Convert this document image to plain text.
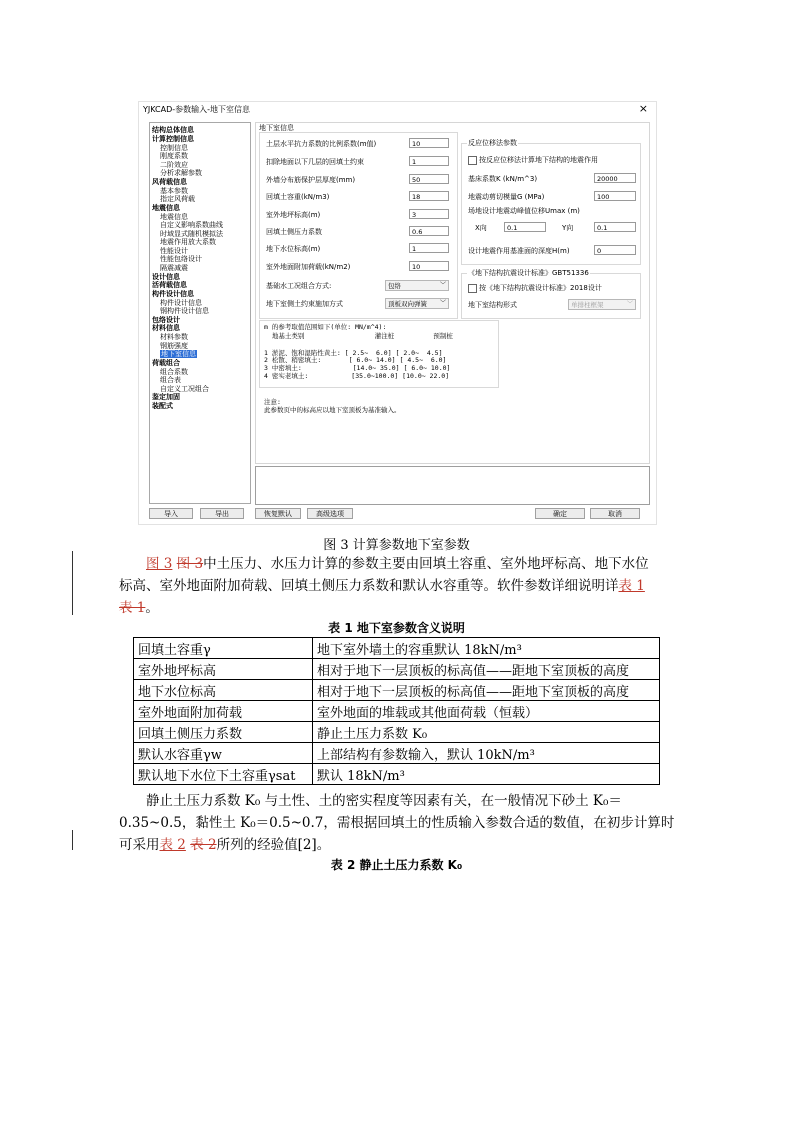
YJKCAD-参数输入-地下室信息	×
结构总体信息
计算控制信息
控制信息
刚度系数
二阶效应
分析求解参数
风荷载信息
基本参数
指定风荷载
地震信息
地震信息
自定义影响系数曲线
时域显式随机模拟法
地震作用放大系数
性能设计
性能包络设计
隔震减震
设计信息
活荷载信息
构件设计信息
构件设计信息
钢构件设计信息
包络设计
材料信息
材料参数
钢筋强度
地下室信息
荷载组合
组合系数
组合表
自定义工况组合
鉴定加固
装配式
地下室信息
土层水平抗力系数的比例系数(m值)	10
扣除地面以下几层的回填土约束	1
外墙分布筋保护层厚度(mm)	50
回填土容重(kN/m3)	18
室外地坪标高(m)	3
回填土侧压力系数	0.6
地下水位标高(m)	1
室外地面附加荷载(kN/m2)	10
基础水工况组合方式:	包络	﹀
地下室侧土约束施加方式	顶板双向弹簧 ﹀
反应位移法参数
按反应位移法计算地下结构的地震作用
基床系数K (kN/m^3)	20000
地震动剪切模量G (MPa)	100
场地设计地震动峰值位移Umax (m)
X向	0.1	Y向	0.1
设计地震作用基准面的深度H(m)	0
《地下结构抗震设计标准》GBT51336
按《地下结构抗震设计标准》2018设计
地下室结构形式	单排柱框架	﹀
m 的参考取值范围如下(单位: MN/m^4):
地基土类别                  灌注桩          预制桩
1 淤泥、饱和湿陷性黄土: [ 2.5~  6.0] [ 2.0~  4.5]
2 松散、稍密填土:       [ 6.0~ 14.0] [ 4.5~  6.0]
3 中密填土:             [14.0~ 35.0] [ 6.0~ 10.0]
4 密实老填土:           [35.0~100.0] [10.0~ 22.0]
注意:
此参数页中的标高应以地下室顶板为基准输入。
导入	导出	恢复默认	高级选项	确定	取消
图 3 计算参数地下室参数
图 3 图 3中土压力、水压力计算的参数主要由回填土容重、室外地坪标高、地下水位
标高、室外地面附加荷载、回填土侧压力系数和默认水容重等。软件参数详细说明详表 1
表 1。
表 1 地下室参数含义说明
回填土容重γ	地下室外墙土的容重默认 18kN/m³
室外地坪标高	相对于地下一层顶板的标高值——距地下室顶板的高度
地下水位标高	相对于地下一层顶板的标高值——距地下室顶板的高度
室外地面附加荷载	室外地面的堆载或其他面荷载（恒载）
回填土侧压力系数	静止土压力系数 K₀
默认水容重γw	上部结构有参数输入，默认 10kN/m³
默认地下水位下土容重γsat	默认 18kN/m³
静止土压力系数 K₀ 与土性、土的密实程度等因素有关，在一般情况下砂土 K₀＝
0.35~0.5，黏性土 K₀＝0.5~0.7，需根据回填土的性质输入参数合适的数值，在初步计算时
可采用表 2 表 2所列的经验值[2]。
表 2 静止土压力系数 K₀
